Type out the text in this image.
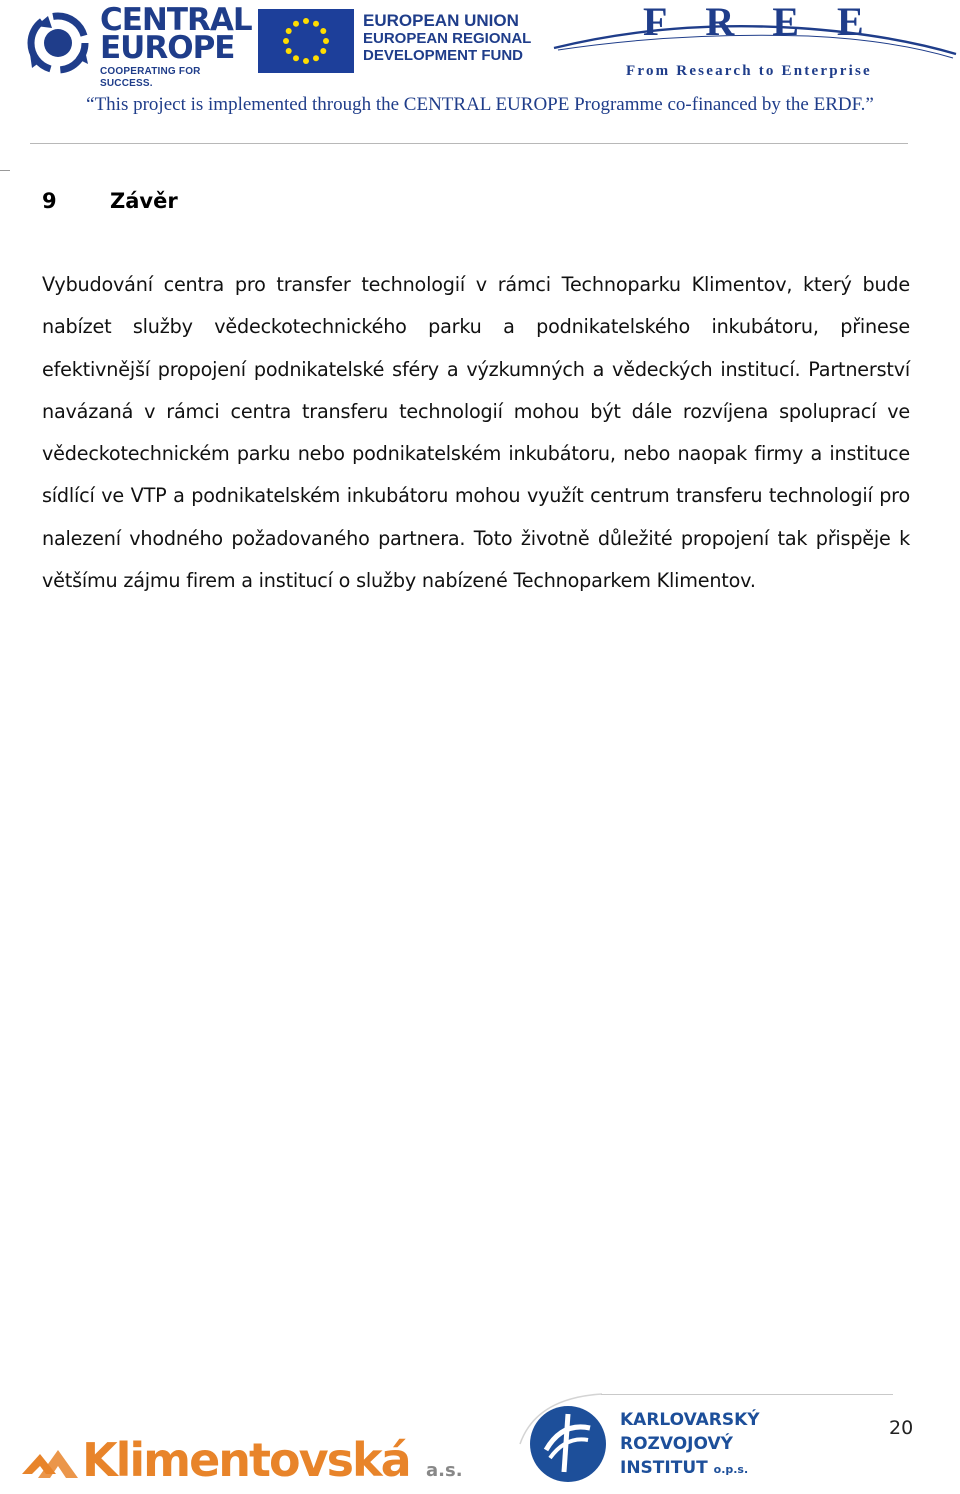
CENTRAL
EUROPE
COOPERATING FOR SUCCESS.
EUROPEAN UNION
EUROPEAN REGIONAL
DEVELOPMENT FUND
FREE
From Research to Enterprise
“This project is implemented through the CENTRAL EUROPE Programme co-financed by the ERDF.”
9	Závěr
Vybudování centra pro transfer technologií v rámci Technoparku Klimentov, který bude nabízet služby vědeckotechnického parku a podnikatelského inkubátoru, přinese efektivnější propojení podnikatelské sféry a výzkumných a vědeckých institucí. Partnerství navázaná v rámci centra transferu technologií mohou být dále rozvíjena spoluprací ve vědeckotechnickém parku nebo podnikatelském inkubátoru, nebo naopak firmy a instituce sídlící ve VTP a podnikatelském inkubátoru mohou využít centrum transferu technologií pro nalezení vhodného požadovaného partnera. Toto životně důležité propojení tak přispěje k většímu zájmu firem a institucí o služby nabízené Technoparkem Klimentov.
Klimentovská a.s.
KARLOVARSKÝ
ROZVOJOVÝ
INSTITUT o.p.s.
20
